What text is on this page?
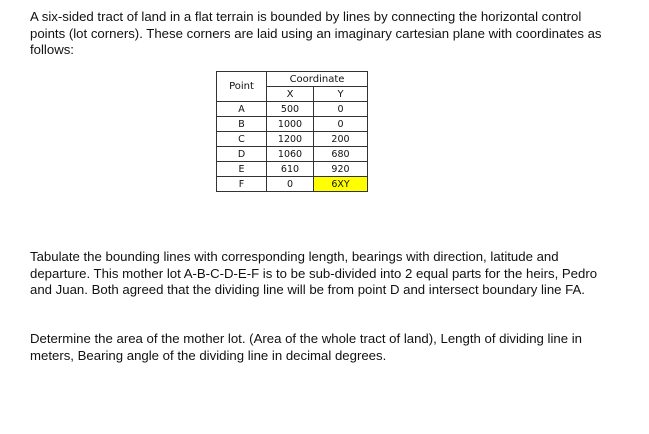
A six-sided tract of land in a flat terrain is bounded by lines by connecting the horizontal control points (lot corners). These corners are laid using an imaginary cartesian plane with coordinates as follows:

Point	Coordinate	
	X	Y
A	500	0
B	1000	0
C	1200	200
D	1060	680
E	610	920
F	0	6XY

Tabulate the bounding lines with corresponding length, bearings with direction, latitude and departure. This mother lot A-B-C-D-E-F is to be sub-divided into 2 equal parts for the heirs, Pedro and Juan. Both agreed that the dividing line will be from point D and intersect boundary line FA.

Determine the area of the mother lot. (Area of the whole tract of land), Length of dividing line in meters, Bearing angle of the dividing line in decimal degrees.
